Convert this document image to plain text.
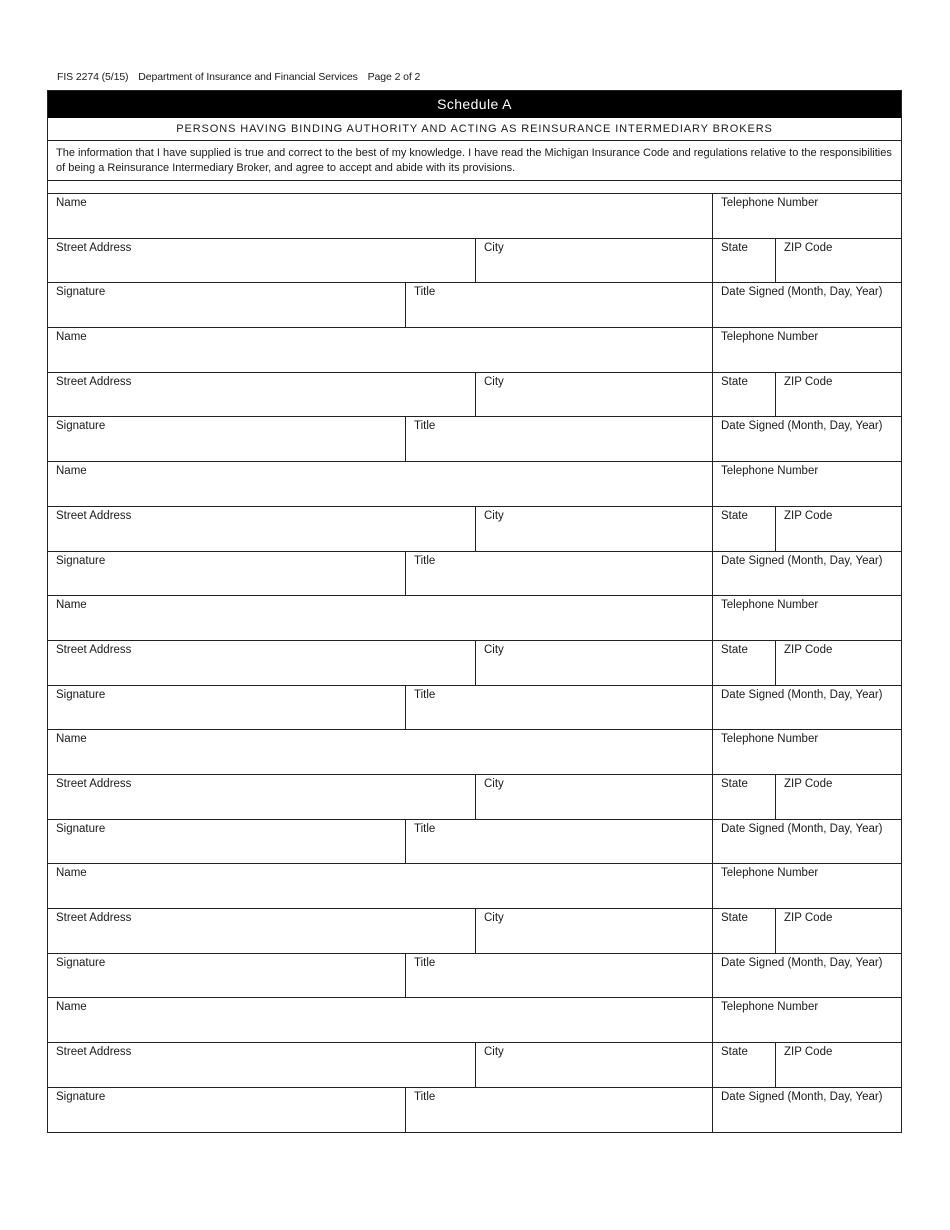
FIS 2274 (5/15) Department of Insurance and Financial Services Page 2 of 2
Schedule A
PERSONS HAVING BINDING AUTHORITY AND ACTING AS REINSURANCE INTERMEDIARY BROKERS
The information that I have supplied is true and correct to the best of my knowledge. I have read the Michigan Insurance Code and regulations relative to the responsibilities of being a Reinsurance Intermediary Broker, and agree to accept and abide with its provisions.
Name	Telephone Number
Street Address	City	State	ZIP Code
Signature	Title	Date Signed (Month, Day, Year)
Name	Telephone Number
Street Address	City	State	ZIP Code
Signature	Title	Date Signed (Month, Day, Year)
Name	Telephone Number
Street Address	City	State	ZIP Code
Signature	Title	Date Signed (Month, Day, Year)
Name	Telephone Number
Street Address	City	State	ZIP Code
Signature	Title	Date Signed (Month, Day, Year)
Name	Telephone Number
Street Address	City	State	ZIP Code
Signature	Title	Date Signed (Month, Day, Year)
Name	Telephone Number
Street Address	City	State	ZIP Code
Signature	Title	Date Signed (Month, Day, Year)
Name	Telephone Number
Street Address	City	State	ZIP Code
Signature	Title	Date Signed (Month, Day, Year)
